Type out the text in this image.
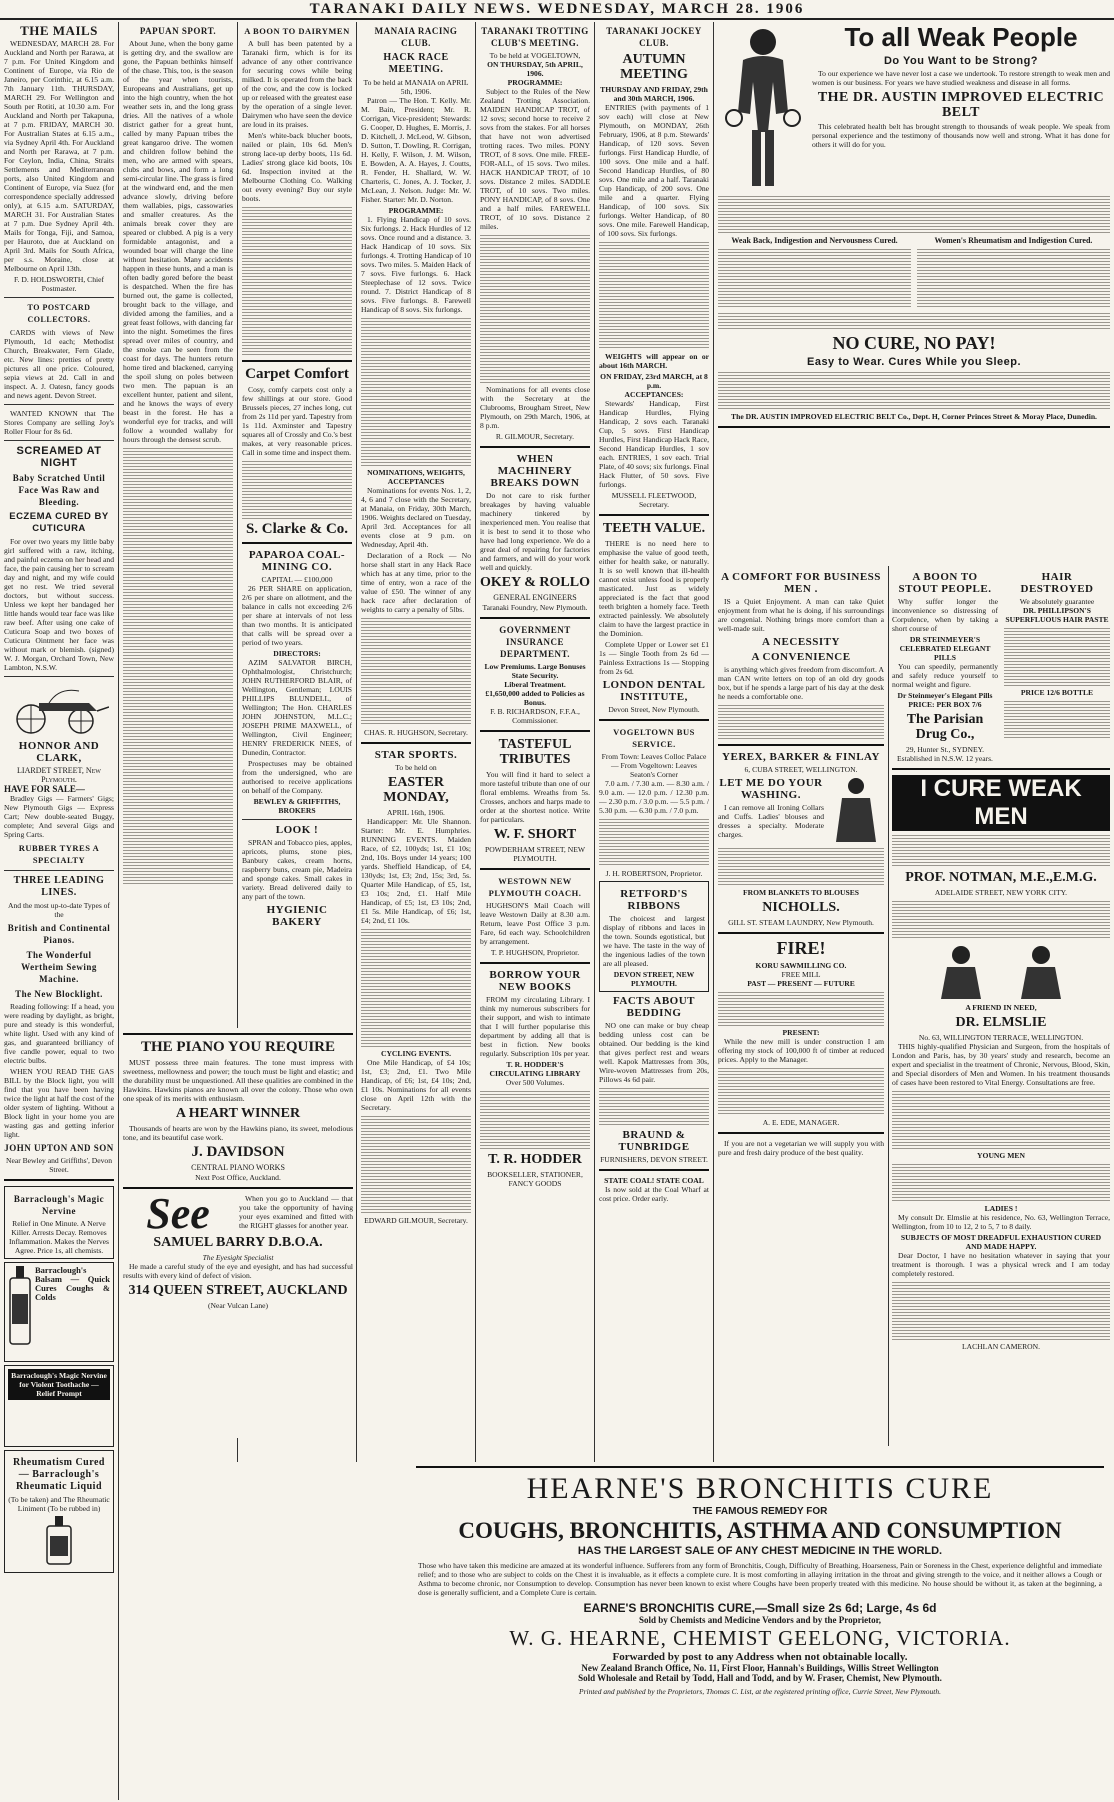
TARANAKI DAILY NEWS. WEDNESDAY, MARCH 28. 1906
THE MAILS
WEDNESDAY, MARCH 28. For Auckland and North per Rarawa, at 7 p.m. For United Kingdom and Continent of Europe, via Rio de Janeiro, per Corinthic, at 6.15 a.m. 7th January 11th. THURSDAY, MARCH 29. For Wellington and South per Rotiti, at 10.30 a.m. For Auckland and North per Takapuna, at 7 p.m. FRIDAY, MARCH 30. For Australian States at 6.15 a.m., via Sydney April 4th. For Auckland and North per Rarawa, at 7 p.m. For Ceylon, India, China, Straits Settlements and Mediterranean ports, also United Kingdom and Continent of Europe, via Suez (for correspondence specially addressed only), at 6.15 a.m. SATURDAY, MARCH 31. For Australian States at 7 p.m. Due Sydney April 4th. Mails for Tonga, Fiji, and Samoa, per Hauroto, due at Auckland on April 3rd. Mails for South Africa, per s.s. Moraine, close at Melbourne on April 13th.
F. D. HOLDSWORTH, Chief Postmaster.
TO POSTCARD COLLECTORS.
CARDS with views of New Plymouth, 1d each; Methodist Church, Breakwater, Fern Glade, etc. New lines: pretties of pretty pictures all one price. Coloured, sepia views at 2d. Call in and inspect. A. J. Oatesn, fancy goods and news agent. Devon Street.
WANTED KNOWN that The Stores Company are selling Joy's Roller Flour for 8s 6d.
SCREAMED AT NIGHT
Baby Scratched Until Face Was Raw and Bleeding.
ECZEMA CURED BY CUTICURA
For over two years my little baby girl suffered with a raw, itching, and painful eczema on her head and face, the pain causing her to scream day and night, and my wife could get no rest. We tried several doctors, but without success. Unless we kept her bandaged her little hands would tear face was like raw beef. After using one cake of Cuticura Soap and two boxes of Cuticura Ointment her face was without mark or blemish. (signed) W. J. Morgan, Orchard Town, New Lambton, N.S.W.
HONNOR AND CLARK,
LIARDET STREET, New Plymouth.
HAVE FOR SALE—
Bradley Gigs — Farmers' Gigs; New Plymouth Gigs — Express Cart; New double-seated Buggy, complete; And several Gigs and Spring Carts.
RUBBER TYRES A SPECIALTY
THREE LEADING LINES.
And the most up-to-date Types of the
British and Continental Pianos.
The Wonderful Wertheim Sewing Machine.
The New Blocklight.
Reading following: If a head, you were reading by daylight, as bright, pure and steady is this wonderful, white light. Used with any kind of gas, and guaranteed brilliancy of five candle power, equal to two electric bulbs.
WHEN YOU READ THE GAS BILL by the Block light, you will find that you have been having twice the light at half the cost of the older system of lighting. Without a Block light in your home you are wasting gas and getting inferior light.
JOHN UPTON AND SON
Near Bewley and Griffiths', Devon Street.
Barraclough's Magic Nervine
Relief in One Minute. A Nerve Killer. Arrests Decay. Removes Inflammation. Makes the Nerves Agree. Price 1s, all chemists.
Barraclough's Balsam — Quick Cures Coughs & Colds
Barraclough's Magic Nervine for Violent Toothache — Relief Prompt
Rheumatism Cured — Barraclough's Rheumatic Liquid
(To be taken) and The Rheumatic Liniment (To be rubbed in)
PAPUAN SPORT.
About June, when the bony game is getting dry, and the swallow are gone, the Papuan bethinks himself of the chase. This, too, is the season of the year when tourists, Europeans and Australians, get up into the high country, when the hot weather sets in, and the long grass dries. All the natives of a whole district gather for a great hunt, called by many Papuan tribes the great kangaroo drive. The women and children follow behind the men, who are armed with spears, clubs and bows, and form a long semi-circular line. The grass is fired at the windward end, and the men advance slowly, driving before them wallabies, pigs, cassowaries and smaller creatures. As the animals break cover they are speared or clubbed. A pig is a very formidable antagonist, and a wounded boar will charge the line without hesitation. Many accidents happen in these hunts, and a man is often badly gored before the beast is despatched. When the fire has burned out, the game is collected, brought back to the village, and divided among the families, and a great feast follows, with dancing far into the night. Sometimes the fires spread over miles of country, and the smoke can be seen from the coast for days. The hunters return home tired and blackened, carrying the spoil slung on poles between two men. The papuan is an excellent hunter, patient and silent, and he knows the ways of every beast in the forest. He has a wonderful eye for tracks, and will follow a wounded wallaby for hours through the densest scrub.
THE PIANO YOU REQUIRE
MUST possess three main features. The tone must impress with sweetness, mellowness and power; the touch must be light and elastic; and the durability must be unquestioned. All these qualities are combined in the Hawkins. Hawkins pianos are known all over the colony. Those who own one speak of its merits with enthusiasm.
A HEART WINNER
Thousands of hearts are won by the Hawkins piano, its sweet, melodious tone, and its beautiful case work.
J. DAVIDSON
CENTRAL PIANO WORKS
Next Post Office, Auckland.
See	When you go to Auckland — that you take the opportunity of having your eyes examined and fitted with the RIGHT glasses for another year.
SAMUEL BARRY D.B.O.A.
The Eyesight Specialist
He made a careful study of the eye and eyesight, and has had successful results with every kind of defect of vision.
314 QUEEN STREET, AUCKLAND
(Near Vulcan Lane)
A BOON TO DAIRYMEN
A bull has been patented by a Taranaki firm, which is for its advance of any other contrivance for securing cows while being milked. It is operated from the back of the cow, and the cow is locked up or released with the greatest ease by the operation of a single lever. Dairymen who have seen the device are loud in its praises.
Men's white-back blucher boots, nailed or plain, 10s 6d. Men's strong lace-up derby boots, 11s 6d. Ladies' strong glace kid boots, 10s 6d. Inspection invited at the Melbourne Clothing Co. Walking out every evening? Buy our style boots.
Carpet Comfort
Cosy, comfy carpets cost only a few shillings at our store. Good Brussels pieces, 27 inches long, cut from 2s 11d per yard. Tapestry from 1s 11d. Axminster and Tapestry squares all of Crossly and Co.'s best makes, at very reasonable prices. Call in some time and inspect them.
S. Clarke & Co.
PAPAROA COAL-MINING CO.
CAPITAL — £100,000
26 PER SHARE on application, 2/6 per share on allotment, and the balance in calls not exceeding 2/6 per share at intervals of not less than two months. It is anticipated that calls will be spread over a period of two years.
DIRECTORS:
AZIM SALVATOR BIRCH, Ophthalmologist, Christchurch; JOHN RUTHERFORD BLAIR, of Wellington, Gentleman; LOUIS PHILLIPS BLUNDELL, of Wellington; The Hon. CHARLES JOHN JOHNSTON, M.L.C.; JOSEPH PRIME MAXWELL, of Wellington, Civil Engineer; HENRY FREDERICK NEES, of Dunedin, Contractor.
Prospectuses may be obtained from the undersigned, who are authorised to receive applications on behalf of the Company.
BEWLEY & GRIFFITHS, BROKERS
LOOK !
SPRAN and Tobacco pies, apples, apricots, plums, stone pies, Banbury cakes, cream horns, raspberry buns, cream pie, Madeira and sponge cakes. Small cakes in variety. Bread delivered daily to any part of the town.
HYGIENIC BAKERY
MANAIA RACING CLUB.
HACK RACE MEETING.
To be held at MANAIA on APRIL 5th, 1906.
Patron — The Hon. T. Kelly. Mr. M. Bain, President; Mr. R. Corrigan, Vice-president; Stewards: G. Cooper, D. Hughes, E. Morris, J. D. Kitchell, J. McLeod, W. Gibson, D. Sutton, T. Dowling, R. Corrigan, H. Kelly, F. Wilson, J. M. Wilson, E. Bowden, A. A. Hayes, J. Coutts, R. Fender, H. Shallard, W. W. Charteris, C. Jones, A. J. Tocker, J. McLean, J. Nelson. Judge: Mr. W. Fisher. Starter: Mr. D. Norton.
PROGRAMME:
1. Flying Handicap of 10 sovs. Six furlongs. 2. Hack Hurdles of 12 sovs. Once round and a distance. 3. Hack Handicap of 10 sovs. Six furlongs. 4. Trotting Handicap of 10 sovs. Two miles. 5. Maiden Hack of 7 sovs. Five furlongs. 6. Hack Steeplechase of 12 sovs. Twice round. 7. District Handicap of 8 sovs. Five furlongs. 8. Farewell Handicap of 8 sovs. Six furlongs.
NOMINATIONS, WEIGHTS, ACCEPTANCES
Nominations for events Nos. 1, 2, 4, 6 and 7 close with the Secretary, at Manaia, on Friday, 30th March, 1906. Weights declared on Tuesday, April 3rd. Acceptances for all events close at 9 p.m. on Wednesday, April 4th.
Declaration of a Rock — No horse shall start in any Hack Race which has at any time, prior to the time of entry, won a race of the value of £50. The winner of any hack race after declaration of weights to carry a penalty of 5lbs.
CHAS. R. HUGHSON, Secretary.
STAR SPORTS.
To be held on
EASTER MONDAY,
APRIL 16th, 1906.
Handicapper: Mr. Ule Shannon. Starter: Mr. E. Humphries. RUNNING EVENTS. Maiden Race, of £2, 100yds; 1st, £1 10s; 2nd, 10s. Boys under 14 years; 100 yards. Sheffield Handicap, of £4, 130yds; 1st, £3; 2nd, 15s; 3rd, 5s. Quarter Mile Handicap, of £5, 1st, £3 10s; 2nd, £1. Half Mile Handicap, of £5; 1st, £3 10s; 2nd, £1 5s. Mile Handicap, of £6; 1st, £4; 2nd, £1 10s.
CYCLING EVENTS.
One Mile Handicap, of £4 10s; 1st, £3; 2nd, £1. Two Mile Handicap, of £6; 1st, £4 10s; 2nd, £1 10s. Nominations for all events close on April 12th with the Secretary.
EDWARD GILMOUR, Secretary.
TARANAKI TROTTING CLUB'S MEETING.
To be held at VOGELTOWN,
ON THURSDAY, 5th APRIL, 1906.
PROGRAMME:
Subject to the Rules of the New Zealand Trotting Association. MAIDEN HANDICAP TROT, of 12 sovs; second horse to receive 2 sovs from the stakes. For all horses that have not won advertised trotting races. Two miles. PONY TROT, of 8 sovs. One mile. FREE-FOR-ALL, of 15 sovs. Two miles. HACK HANDICAP TROT, of 10 sovs. Distance 2 miles. SADDLE TROT, of 10 sovs. Two miles. PONY HANDICAP, of 8 sovs. One and a half miles. FAREWELL TROT, of 10 sovs. Distance 2 miles.
Nominations for all events close with the Secretary at the Clubrooms, Brougham Street, New Plymouth, on 29th March, 1906, at 8 p.m.
R. GILMOUR, Secretary.
WHEN MACHINERY BREAKS DOWN
Do not care to risk further breakages by having valuable machinery tinkered by inexperienced men. You realise that it is best to send it to those who have had long experience. We do a great deal of repairing for factories and farmers, and will do your work well and quickly.
OKEY & ROLLO
GENERAL ENGINEERS
Taranaki Foundry, New Plymouth.
GOVERNMENT INSURANCE DEPARTMENT.
Low Premiums. Large Bonuses
State Security.
Liberal Treatment.
£1,650,000 added to Policies as Bonus.
F. B. RICHARDSON, F.F.A., Commissioner.
TASTEFUL TRIBUTES
You will find it hard to select a more tasteful tribute than one of our floral emblems. Wreaths from 5s. Crosses, anchors and harps made to order at the shortest notice. Write for particulars.
W. F. SHORT
POWDERHAM STREET, NEW PLYMOUTH.
WESTOWN NEW PLYMOUTH COACH.
HUGHSON'S Mail Coach will leave Westown Daily at 8.30 a.m. Return, leave Post Office 3 p.m. Fare, 6d each way. Schoolchildren by arrangement.
T. P. HUGHSON, Proprietor.
BORROW YOUR NEW BOOKS
FROM my circulating Library. I think my numerous subscribers for their support, and wish to intimate that I will further popularise this department by adding all that is best in fiction. New books regularly. Subscription 10s per year.
T. R. HODDER'S CIRCULATING LIBRARY
Over 500 Volumes.
T. R. HODDER
BOOKSELLER, STATIONER, FANCY GOODS
TARANAKI JOCKEY CLUB.
AUTUMN MEETING
THURSDAY AND FRIDAY, 29th and 30th MARCH, 1906.
ENTRIES (with payments of 1 sov each) will close at New Plymouth, on MONDAY, 26th February, 1906, at 8 p.m. Stewards' Handicap, of 120 sovs. Seven furlongs. First Handicap Hurdle, of 100 sovs. One mile and a half. Second Handicap Hurdles, of 80 sovs. One mile and a half. Taranaki Cup Handicap, of 200 sovs. One mile and a quarter. Flying Handicap, of 100 sovs. Six furlongs. Welter Handicap, of 80 sovs. One mile. Farewell Handicap, of 100 sovs. Six furlongs.
WEIGHTS will appear on or about 16th MARCH.
ON FRIDAY, 23rd MARCH, at 8 p.m.
ACCEPTANCES:
Stewards' Handicap, First Handicap Hurdles, Flying Handicap, 2 sovs each. Taranaki Cup, 5 sovs. First Handicap Hurdles, First Handicap Hack Race, Second Handicap Hurdles, 1 sov each. ENTRIES, 1 sov each. Trial Plate, of 40 sovs; six furlongs. Final Hack Flutter, of 50 sovs. Five furlongs.
MUSSELL FLEETWOOD, Secretary.
TEETH VALUE.
THERE is no need here to emphasise the value of good teeth, either for health sake, or naturally. It is so well known that ill-health cannot exist unless food is properly masticated. Just as widely appreciated is the fact that good teeth brighten a homely face. Teeth extracted painlessly. We absolutely claim to have the largest practice in the Dominion.
Complete Upper or Lower set £1 1s — Single Tooth from 2s 6d — Painless Extractions 1s — Stopping from 2s 6d.
LONDON DENTAL INSTITUTE,
Devon Street, New Plymouth.
VOGELTOWN BUS SERVICE.
From Town: Leaves Colloc Palace — From Vogeltown: Leaves Seaton's Corner
7.0 a.m. / 7.30 a.m. — 8.30 a.m. / 9.0 a.m. — 12.0 p.m. / 12.30 p.m. — 2.30 p.m. / 3.0 p.m. — 5.5 p.m. / 5.30 p.m. — 6.30 p.m. / 7.0 p.m.
J. H. ROBERTSON, Proprietor.
RETFORD'S RIBBONS
The choicest and largest display of ribbons and laces in the town. Sounds egotistical, but we have. The taste in the way of the ingenious ladies of the town are all pleased.
DEVON STREET, NEW PLYMOUTH.
FACTS ABOUT BEDDING
NO one can make or buy cheap bedding unless cost can be obtained. Our bedding is the kind that gives perfect rest and wears well. Kapok Mattresses from 30s, Wire-woven Mattresses from 20s, Pillows 4s 6d pair.
BRAUND & TUNBRIDGE
FURNISHERS, DEVON STREET.
STATE COAL! STATE COAL
Is now sold at the Coal Wharf at cost price. Order early.
To all Weak People
Do You Want to be Strong?
To our experience we have never lost a case we undertook. To restore strength to weak men and women is our business. For years we have studied weakness and disease in all forms.
THE DR. AUSTIN IMPROVED ELECTRIC BELT
This celebrated health belt has brought strength to thousands of weak people. We speak from personal experience and the testimony of thousands now well and strong. What it has done for others it will do for you.
Weak Back, Indigestion and Nervousness Cured.	Women's Rheumatism and Indigestion Cured.
NO CURE, NO PAY!
Easy to Wear. Cures While you Sleep.
The DR. AUSTIN IMPROVED ELECTRIC BELT Co., Dept. H, Corner Princes Street & Moray Place, Dunedin.
A COMFORT FOR BUSINESS MEN .
IS a Quiet Enjoyment. A man can take Quiet enjoyment from what he is doing, if his surroundings are congenial. Nothing brings more comfort than a well-made suit.
A NECESSITY
A CONVENIENCE
is anything which gives freedom from discomfort. A man CAN write letters on top of an old dry goods box, but if he spends a large part of his day at the desk he needs a comfortable one.
YEREX, BARKER & FINLAY
6, CUBA STREET, WELLINGTON.
LET ME DO YOUR WASHING.
I can remove all Ironing Collars and Cuffs. Ladies' blouses and dresses a specialty. Moderate charges.
FROM BLANKETS TO BLOUSES
NICHOLLS.
GILL ST. STEAM LAUNDRY, New Plymouth.
FIRE!
KORU SAWMILLING CO.
FREE MILL
PAST — PRESENT — FUTURE
PRESENT:
While the new mill is under construction I am offering my stock of 100,000 ft of timber at reduced prices. Apply to the Manager.
A. E. EDE, MANAGER.
If you are not a vegetarian we will supply you with pure and fresh dairy produce of the best quality.
A BOON TO STOUT PEOPLE.
Why suffer longer the inconvenience so distressing of Corpulence, when by taking a short course of
DR STEINMEYER'S CELEBRATED ELEGANT PILLS
You can speedily, permanently and safely reduce yourself to normal weight and figure.
Dr Steinmeyer's Elegant Pills
PRICE: PER BOX 7/6
The Parisian Drug Co.,
29, Hunter St., SYDNEY. Established in N.S.W. 12 years.
HAIR DESTROYED
We absolutely guarantee
DR. PHILLIPSON'S SUPERFLUOUS HAIR PASTE
PRICE 12/6 BOTTLE
I CURE WEAK MEN
PROF. NOTMAN, M.E.,E.M.G.
ADELAIDE STREET, NEW YORK CITY.
A FRIEND IN NEED,
DR. ELMSLIE
No. 63, WILLINGTON TERRACE, WELLINGTON.
THIS highly-qualified Physician and Surgeon, from the hospitals of London and Paris, has, by 30 years' study and research, become an expert and specialist in the treatment of Chronic, Nervous, Blood, Skin, and Special disorders of Men and Women. In his treatment thousands of cases have been restored to Vital Energy. Consultations are free.
YOUNG MEN
LADIES !
My consult Dr. Elmslie at his residence, No. 63, Wellington Terrace, Wellington, from 10 to 12, 2 to 5, 7 to 8 daily.
SUBJECTS OF MOST DREADFUL EXHAUSTION CURED AND MADE HAPPY.
Dear Doctor, I have no hesitation whatever in saying that your treatment is thorough. I was a physical wreck and I am today completely restored.
LACHLAN CAMERON.
HEARNE'S BRONCHITIS CURE
THE FAMOUS REMEDY FOR
COUGHS, BRONCHITIS, ASTHMA AND CONSUMPTION
HAS THE LARGEST SALE OF ANY CHEST MEDICINE IN THE WORLD.
Those who have taken this medicine are amazed at its wonderful influence. Sufferers from any form of Bronchitis, Cough, Difficulty of Breathing, Hoarseness, Pain or Soreness in the Chest, experience delightful and immediate relief; and to those who are subject to colds on the Chest it is invaluable, as it effects a complete cure. It is most comforting in allaying irritation in the throat and giving strength to the voice, and it neither allows a Cough or Asthma to become chronic, nor Consumption to develop. Consumption has never been known to exist where Coughs have been properly treated with this medicine. No house should be without it, as taken at the beginning, a dose is generally sufficient, and a Complete Cure is certain.
EARNE'S BRONCHITIS CURE,—Small size 2s 6d; Large, 4s 6d
Sold by Chemists and Medicine Vendors and by the Proprietor,
W. G. HEARNE, CHEMIST GEELONG, VICTORIA.
Forwarded by post to any Address when not obtainable locally.
New Zealand Branch Office, No. 11, First Floor, Hannah's Buildings, Willis Street Wellington
Sold Wholesale and Retail by Todd, Hall and Todd, and by W. Fraser, Chemist, New Plymouth.
Printed and published by the Proprietors, Thomas C. List, at the registered printing office, Currie Street, New Plymouth.
